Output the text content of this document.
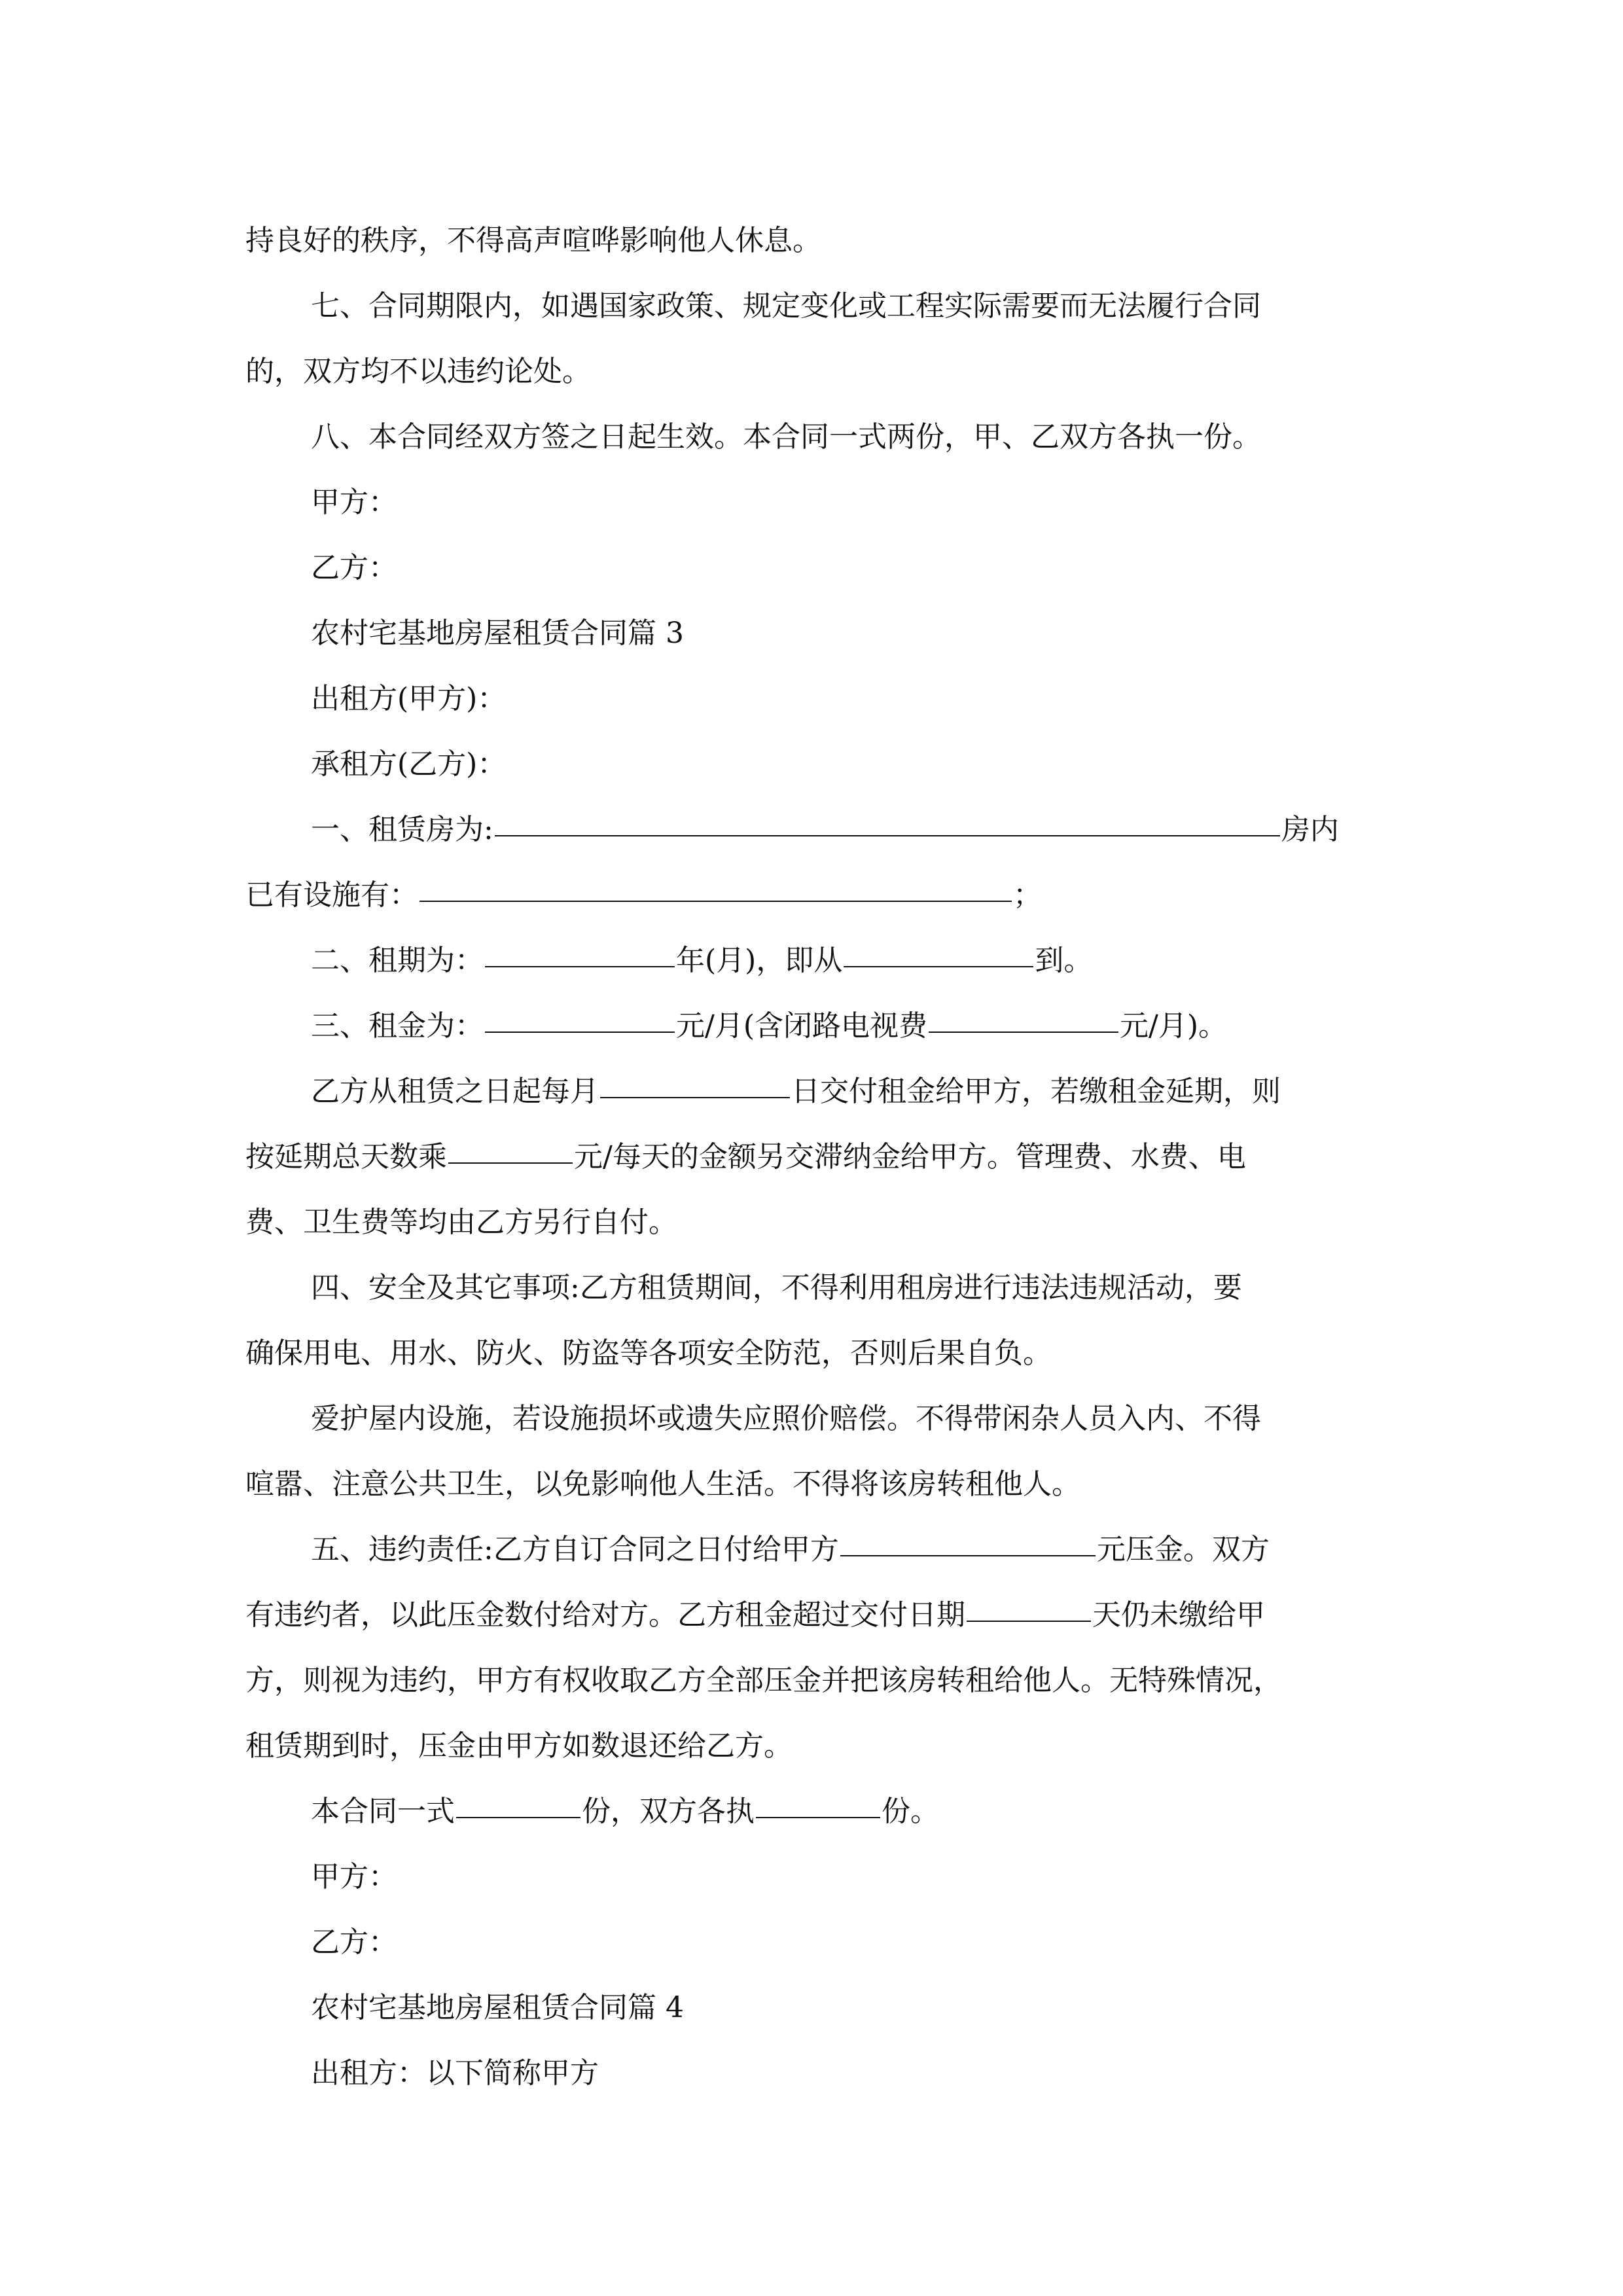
持良好的秩序，不得高声喧哗影响他人休息。
七、合同期限内，如遇国家政策、规定变化或工程实际需要而无法履行合同
的，双方均不以违约论处。
八、本合同经双方签之日起生效。本合同一式两份，甲、乙双方各执一份。
甲方：
乙方：
农村宅基地房屋租赁合同篇 3
出租方(甲方)：
承租方(乙方)：
一、租赁房为:	房内
已有设施有：	；
二、租期为：	年(月)，即从	到。
三、租金为：	元/月(含闭路电视费	元/月)。
乙方从租赁之日起每月	日交付租金给甲方，若缴租金延期，则
按延期总天数乘	元/每天的金额另交滞纳金给甲方。管理费、水费、电
费、卫生费等均由乙方另行自付。
四、安全及其它事项:乙方租赁期间，不得利用租房进行违法违规活动，要
确保用电、用水、防火、防盗等各项安全防范，否则后果自负。
爱护屋内设施，若设施损坏或遗失应照价赔偿。不得带闲杂人员入内、不得
喧嚣、注意公共卫生，以免影响他人生活。不得将该房转租他人。
五、违约责任:乙方自订合同之日付给甲方	元压金。双方
有违约者，以此压金数付给对方。乙方租金超过交付日期	天仍未缴给甲
方，则视为违约，甲方有权收取乙方全部压金并把该房转租给他人。无特殊情况，
租赁期到时，压金由甲方如数退还给乙方。
本合同一式	份，双方各执	份。
甲方：
乙方：
农村宅基地房屋租赁合同篇 4
出租方：以下简称甲方
